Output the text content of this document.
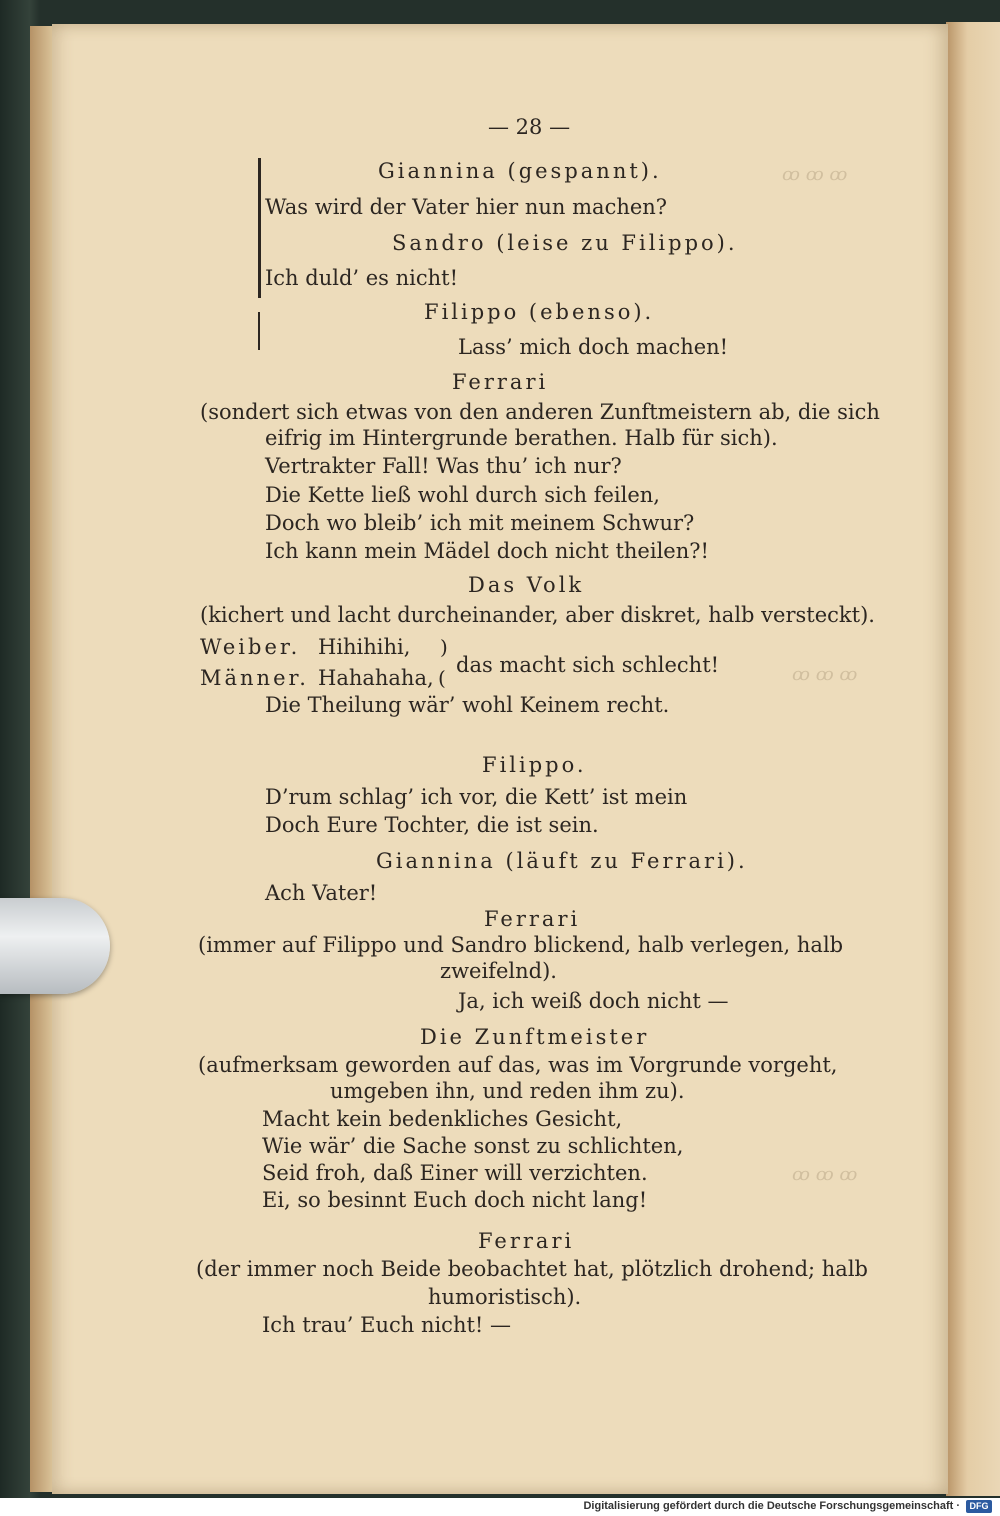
ꝏ ꝏ ꝏ
ꝏ ꝏ ꝏ
ꝏ ꝏ ꝏ
— 28 —
Giannina (gespannt).
Was wird der Vater hier nun machen?
Sandro (leise zu Filippo).
Ich duld’ es nicht!
Filippo (ebenso).
Lass’ mich doch machen!
Ferrari
(sondert sich etwas von den anderen Zunftmeistern ab, die sich
eifrig im Hintergrunde berathen. Halb für sich).
Vertrakter Fall! Was thu’ ich nur?
Die Kette ließ wohl durch sich feilen,
Doch wo bleib’ ich mit meinem Schwur?
Ich kann mein Mädel doch nicht theilen?!
Das Volk
(kichert und lacht durcheinander, aber diskret, halb versteckt).
Weiber. Hihihihi,
Männer. Hahahaha,
)
(
das macht sich schlecht!
Die Theilung wär’ wohl Keinem recht.
Filippo.
D’rum schlag’ ich vor, die Kett’ ist mein
Doch Eure Tochter, die ist sein.
Giannina (läuft zu Ferrari).
Ach Vater!
Ferrari
(immer auf Filippo und Sandro blickend, halb verlegen, halb
zweifelnd).
Ja, ich weiß doch nicht —
Die Zunftmeister
(aufmerksam geworden auf das, was im Vorgrunde vorgeht,
umgeben ihn, und reden ihm zu).
Macht kein bedenkliches Gesicht,
Wie wär’ die Sache sonst zu schlichten,
Seid froh, daß Einer will verzichten.
Ei, so besinnt Euch doch nicht lang!
Ferrari
(der immer noch Beide beobachtet hat, plötzlich drohend; halb
humoristisch).
Ich trau’ Euch nicht! —
Digitalisierung gefördert durch die Deutsche Forschungsgemeinschaft ·	DFG
